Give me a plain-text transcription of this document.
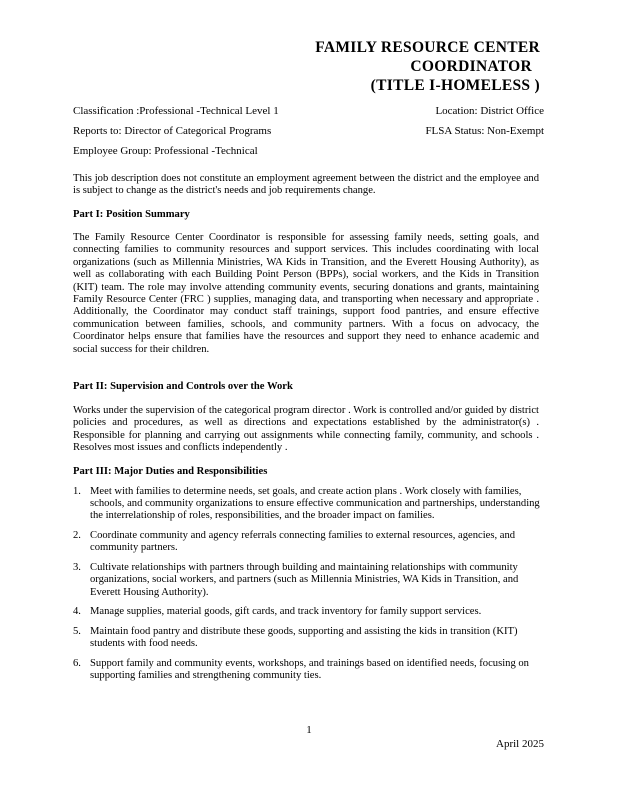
FAMILY RESOURCE CENTER
COORDINATOR
(TITLE I-HOMELESS )
Classification :Professional -Technical Level 1	Location: District Office
Reports to: Director of Categorical Programs	FLSA Status: Non-Exempt
Employee Group: Professional -Technical

This job description does not constitute an employment agreement between the district and the employee and is subject to change as the district's needs and job requirements change.

Part I: Position Summary

The Family Resource Center Coordinator is responsible for assessing family needs, setting goals, and connecting families to community resources and support services. This includes coordinating with local organizations (such as Millennia Ministries, WA Kids in Transition, and the Everett Housing Authority), as well as collaborating with each Building Point Person (BPPs), social workers, and the Kids in Transition (KIT) team. The role may involve attending community events, securing donations and grants, maintaining Family Resource Center (FRC ) supplies, managing data, and transporting when necessary and appropriate . Additionally, the Coordinator may conduct staff trainings, support food pantries, and ensure effective communication between families, schools, and community partners. With a focus on advocacy, the Coordinator helps ensure that families have the resources and support they need to enhance academic and social success for their children.

Part II: Supervision and Controls over the Work

Works under the supervision of the categorical program director . Work is controlled and/or guided by district policies and procedures, as well as directions and expectations established by the administrator(s) . Responsible for planning and carrying out assignments while connecting family, community, and schools . Resolves most issues and conflicts independently .

Part III: Major Duties and Responsibilities

1. Meet with families to determine needs, set goals, and create action plans . Work closely with families, schools, and community organizations to ensure effective communication and partnerships, understanding the interrelationship of roles, responsibilities, and the broader impact on families.
2. Coordinate community and agency referrals connecting families to external resources, agencies, and community partners.
3. Cultivate relationships with partners through building and maintaining relationships with community organizations, social workers, and partners (such as Millennia Ministries, WA Kids in Transition, and Everett Housing Authority).
4. Manage supplies, material goods, gift cards, and track inventory for family support services.
5. Maintain food pantry and distribute these goods, supporting and assisting the kids in transition (KIT) students with food needs.
6. Support family and community events, workshops, and trainings based on identified needs, focusing on supporting families and strengthening community ties.
1
April 2025
